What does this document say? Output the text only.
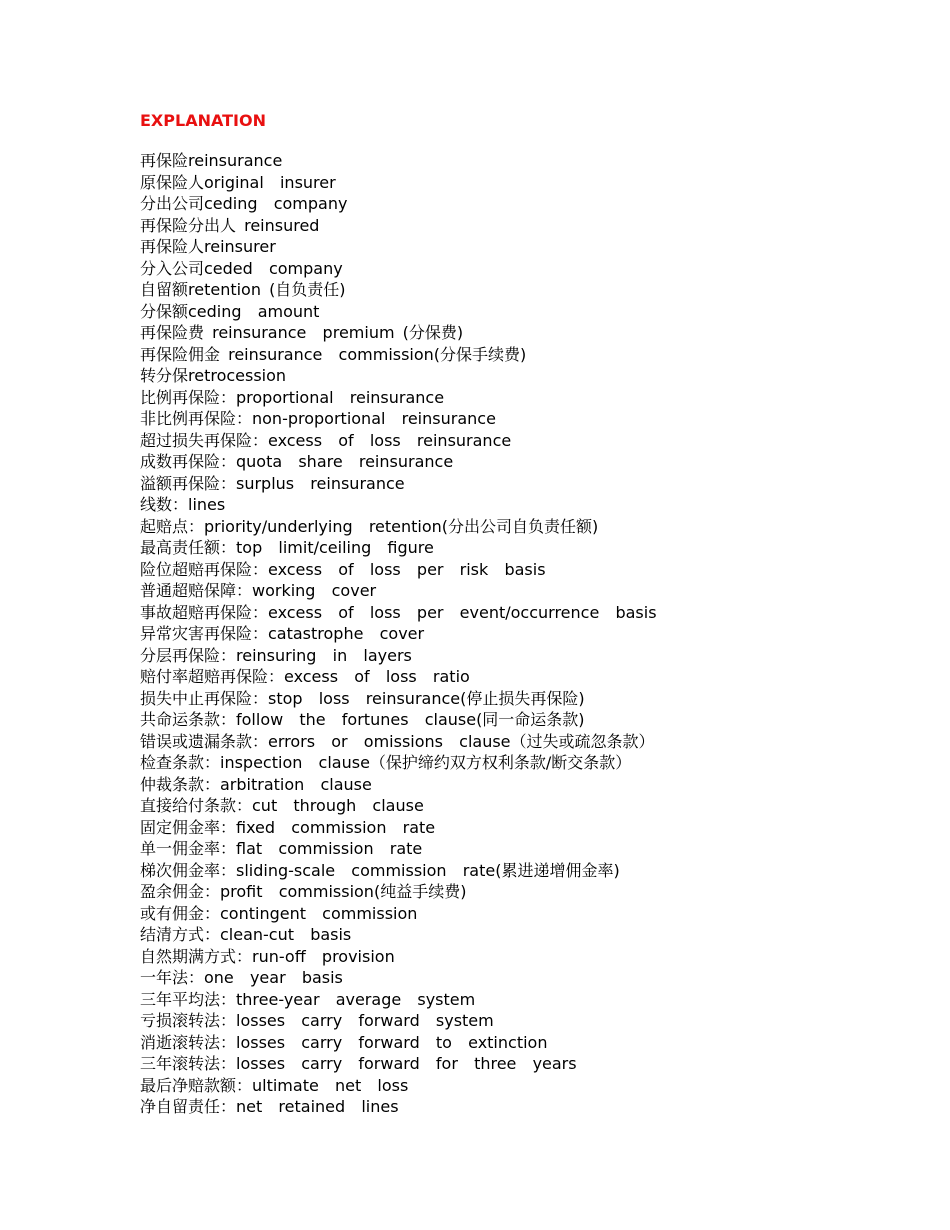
EXPLANATION
再保险reinsurance
原保险人original  insurer
分出公司ceding  company
再保险分出人 reinsured
再保险人reinsurer
分入公司ceded  company
自留额retention (自负责任)
分保额ceding  amount
再保险费 reinsurance  premium (分保费)
再保险佣金 reinsurance  commission(分保手续费)
转分保retrocession
比例再保险：proportional  reinsurance
非比例再保险：non-proportional  reinsurance
超过损失再保险：excess  of  loss  reinsurance
成数再保险：quota  share  reinsurance
溢额再保险：surplus  reinsurance
线数：lines
起赔点：priority/underlying  retention(分出公司自负责任额)
最高责任额：top  limit/ceiling  figure
险位超赔再保险：excess  of  loss  per  risk  basis
普通超赔保障：working  cover
事故超赔再保险：excess  of  loss  per  event/occurrence  basis
异常灾害再保险：catastrophe  cover
分层再保险：reinsuring  in  layers
赔付率超赔再保险：excess  of  loss  ratio
损失中止再保险：stop  loss  reinsurance(停止损失再保险)
共命运条款：follow  the  fortunes  clause(同一命运条款)
错误或遗漏条款：errors  or  omissions  clause（过失或疏忽条款）
检查条款：inspection  clause（保护缔约双方权利条款/断交条款）
仲裁条款：arbitration  clause
直接给付条款：cut  through  clause
固定佣金率：fixed  commission  rate
单一佣金率：flat  commission  rate
梯次佣金率：sliding-scale  commission  rate(累进递增佣金率)
盈余佣金：profit  commission(纯益手续费)
或有佣金：contingent  commission
结清方式：clean-cut  basis
自然期满方式：run-off  provision
一年法：one  year  basis
三年平均法：three-year  average  system
亏损滚转法：losses  carry  forward  system
消逝滚转法：losses  carry  forward  to  extinction
三年滚转法：losses  carry  forward  for  three  years
最后净赔款额：ultimate  net  loss
净自留责任：net  retained  lines
